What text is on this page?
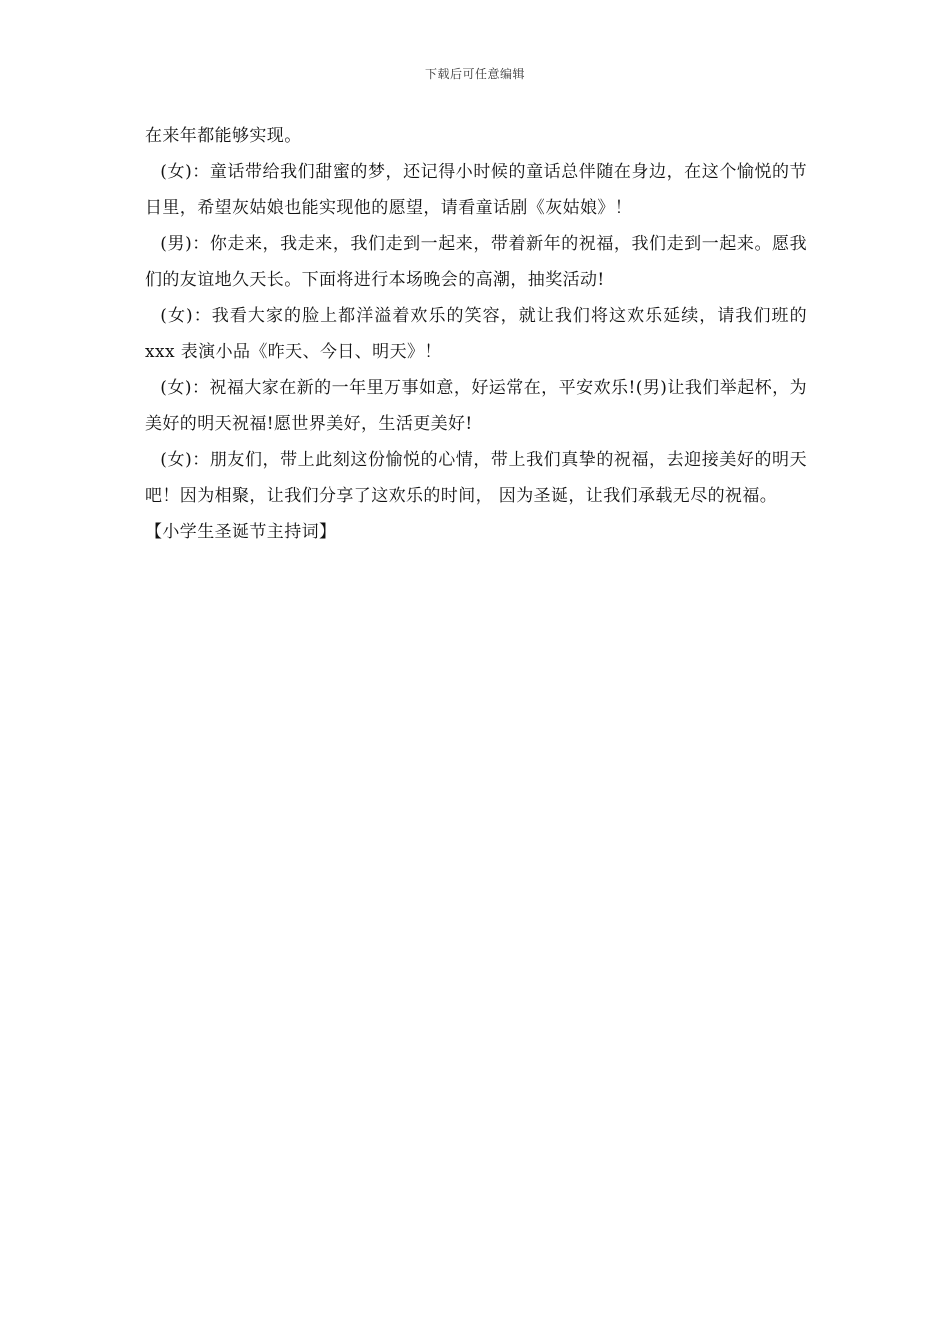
下载后可任意编辑

在来年都能够实现。

(女)：童话带给我们甜蜜的梦，还记得小时候的童话总伴随在身边，在这个愉悦的节日里，希望灰姑娘也能实现他的愿望，请看童话剧《灰姑娘》！

(男)：你走来，我走来，我们走到一起来，带着新年的祝福，我们走到一起来。愿我们的友谊地久天长。下面将进行本场晚会的高潮，抽奖活动!

(女)：我看大家的脸上都洋溢着欢乐的笑容，就让我们将这欢乐延续，请我们班的 xxx 表演小品《昨天、今日、明天》！

(女)：祝福大家在新的一年里万事如意，好运常在，平安欢乐!(男)让我们举起杯，为美好的明天祝福!愿世界美好，生活更美好!

(女)：朋友们，带上此刻这份愉悦的心情，带上我们真挚的祝福，去迎接美好的明天吧！因为相聚，让我们分享了这欢乐的时间， 因为圣诞，让我们承载无尽的祝福。

【小学生圣诞节主持词】
